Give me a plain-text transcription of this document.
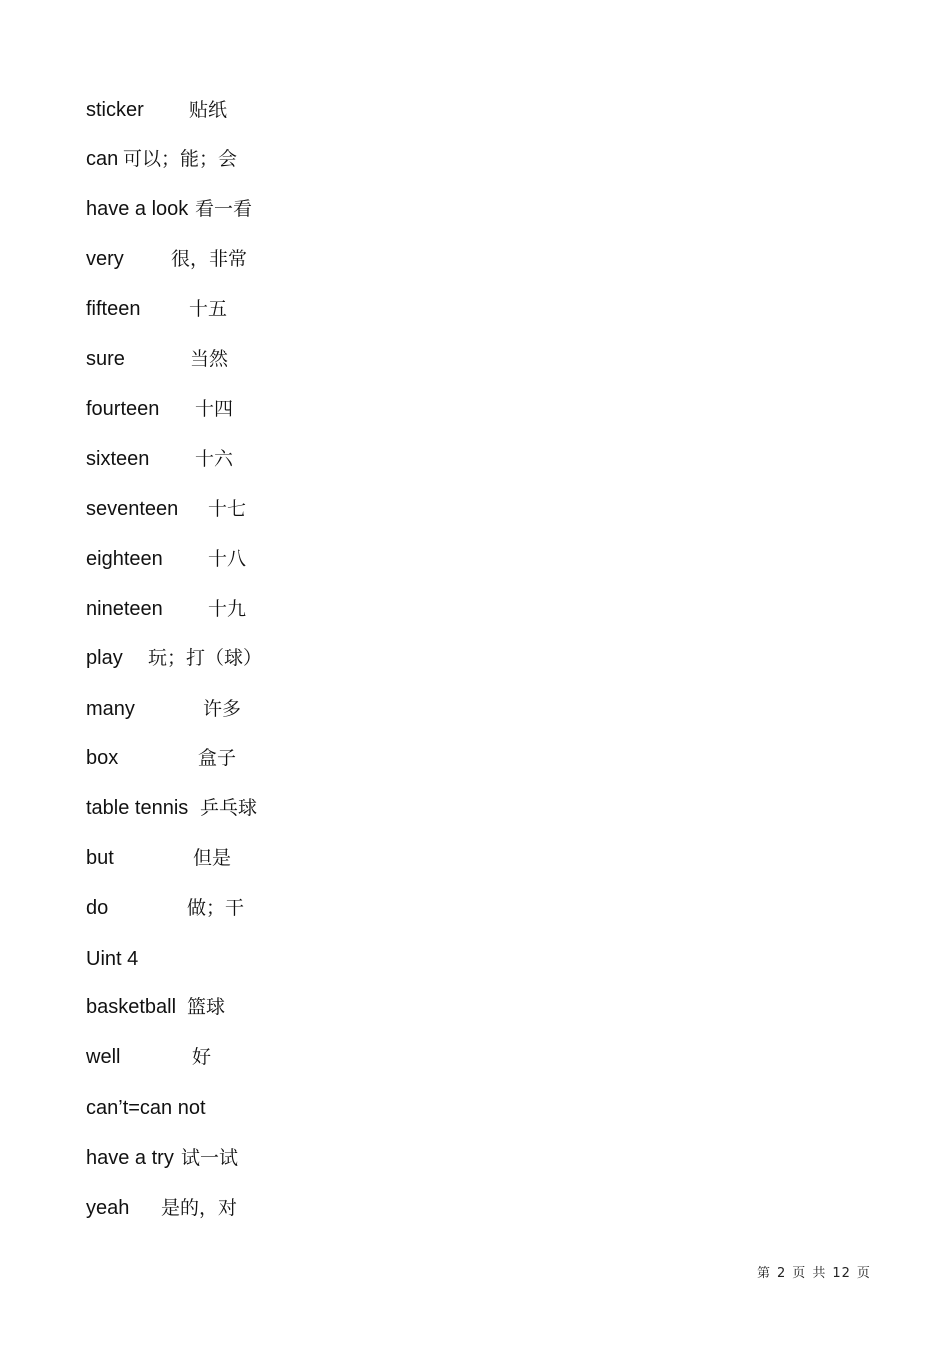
sticker 贴纸
can 可以；能；会
have a look 看一看
very 很，非常
fifteen	十五
sure	当然
fourteen 十四
sixteen 十六
seventeen 十七
eighteen 十八
nineteen 十九
play 玩；打（球）
many	许多
box	盒子
table tennis 乒乓球
but	但是
do	做；干
Uint 4
basketball 篮球
well	好
can’t=can not
have a try 试一试
yeah 是的，对
第 2 页 共 12 页
